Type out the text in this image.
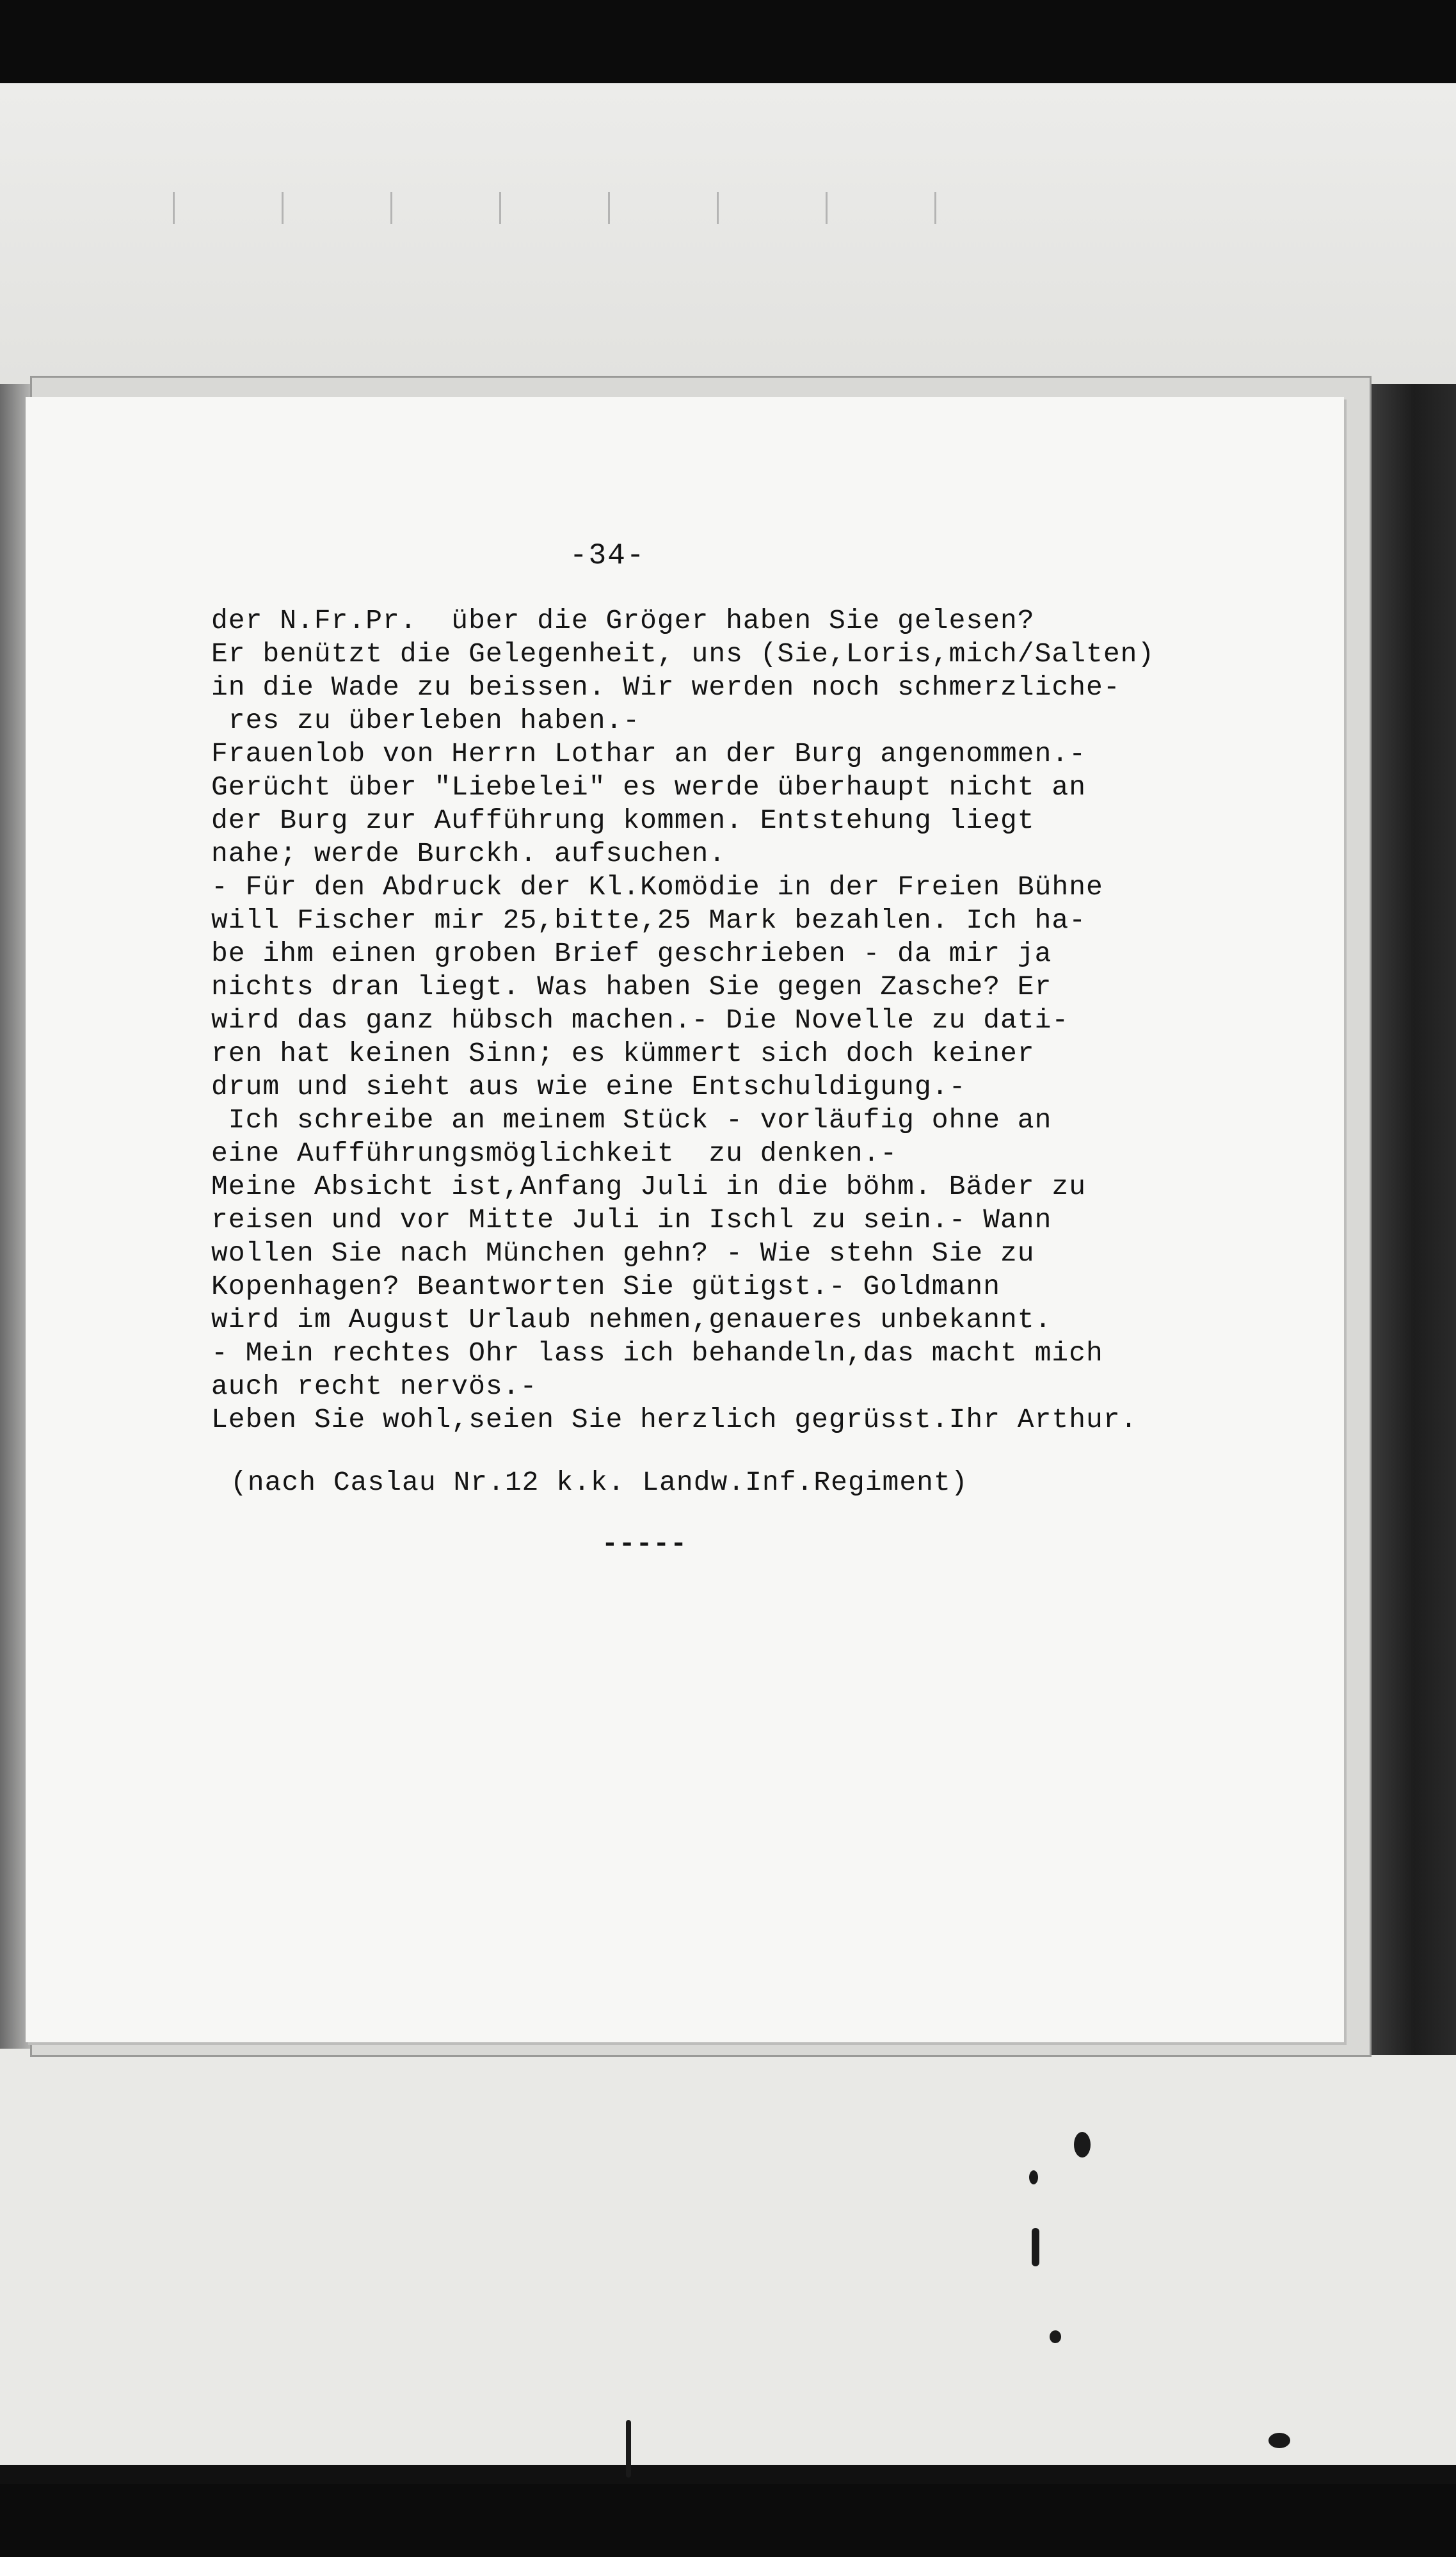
-34-
der N.Fr.Pr.  über die Gröger haben Sie gelesen?
Er benützt die Gelegenheit, uns (Sie,Loris,mich/Salten)
in die Wade zu beissen. Wir werden noch schmerzliche-
res zu überleben haben.-
Frauenlob von Herrn Lothar an der Burg angenommen.-
Gerücht über "Liebelei" es werde überhaupt nicht an
der Burg zur Aufführung kommen. Entstehung liegt
nahe; werde Burckh. aufsuchen.
- Für den Abdruck der Kl.Komödie in der Freien Bühne
will Fischer mir 25,bitte,25 Mark bezahlen. Ich ha-
be ihm einen groben Brief geschrieben - da mir ja
nichts dran liegt. Was haben Sie gegen Zasche? Er
wird das ganz hübsch machen.- Die Novelle zu dati-
ren hat keinen Sinn; es kümmert sich doch keiner
drum und sieht aus wie eine Entschuldigung.-
Ich schreibe an meinem Stück - vorläufig ohne an
eine Aufführungsmöglichkeit  zu denken.-
Meine Absicht ist,Anfang Juli in die böhm. Bäder zu
reisen und vor Mitte Juli in Ischl zu sein.- Wann
wollen Sie nach München gehn? - Wie stehn Sie zu
Kopenhagen? Beantworten Sie gütigst.- Goldmann
wird im August Urlaub nehmen,genaueres unbekannt.
- Mein rechtes Ohr lass ich behandeln,das macht mich
auch recht nervös.-
Leben Sie wohl,seien Sie herzlich gegrüsst.Ihr Arthur.
(nach Caslau Nr.12 k.k. Landw.Inf.Regiment)
-----
